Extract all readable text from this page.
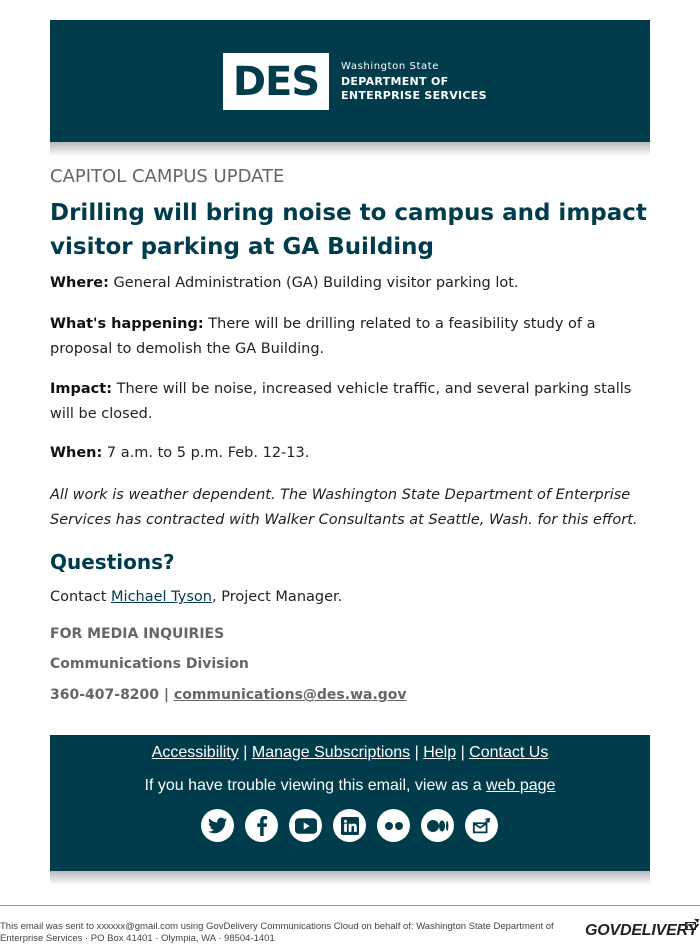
DES Washington State
DEPARTMENT OF
ENTERPRISE SERVICES
CAPITOL CAMPUS UPDATE
Drilling will bring noise to campus and impact visitor parking at GA Building

Where: General Administration (GA) Building visitor parking lot.

What's happening: There will be drilling related to a feasibility study of a proposal to demolish the GA Building.

Impact: There will be noise, increased vehicle traffic, and several parking stalls will be closed.

When: 7 a.m. to 5 p.m. Feb. 12-13.

All work is weather dependent. The Washington State Department of Enterprise Services has contracted with Walker Consultants at Seattle, Wash. for this effort.

Questions?
Contact Michael Tyson, Project Manager.
FOR MEDIA INQUIRIES
Communications Division
360-407-8200 | communications@des.wa.gov
Accessibility | Manage Subscriptions | Help | Contact Us
If you have trouble viewing this email, view as a web page
This email was sent to xxxxxx@gmail.com using GovDelivery Communications Cloud on behalf of: Washington State Department of Enterprise Services · PO Box 41401 · Olympia, WA · 98504-1401	GOVDELIVERY
